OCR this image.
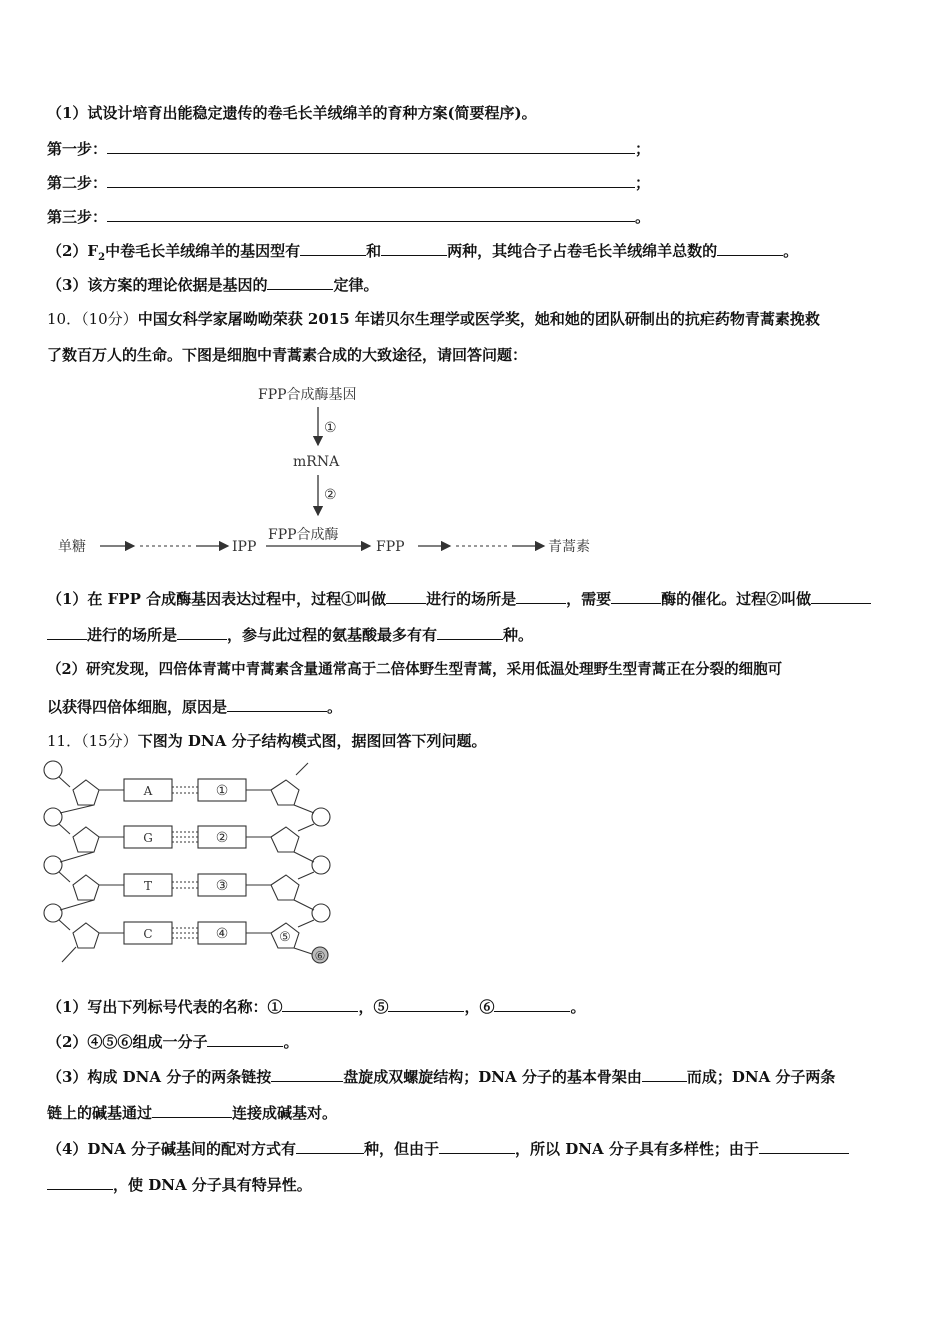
（1）试设计培育出能稳定遗传的卷毛长羊绒绵羊的育种方案(简要程序)。
第一步：	；
第二步：	；
第三步：	。
$(2)F_2$中卷毛长羊绒绵羊的基因型有	和	两种，其纯合子占卷毛长羊绒绵羊总数的	。
（3）该方案的理论依据是基因的	定律。
10．（10分）中国女科学家屠呦呦荣获 2015 年诺贝尔生理学或医学奖，她和她的团队研制出的抗疟药物青蒿素挽救
了数百万人的生命。下图是细胞中青蒿素合成的大致途径，请回答问题：
FPP合成酶基因
①
mRNA
②
FPP合成酶
单糖	IPP	FPP	青蒿素
（1）在 FPP 合成酶基因表达过程中，过程①叫做	进行的场所是	，需要	酶的催化。过程②叫做
进行的场所是	，参与此过程的氨基酸最多有有	种。
（2）研究发现，四倍体青蒿中青蒿素含量通常高于二倍体野生型青蒿，采用低温处理野生型青蒿正在分裂的细胞可
以获得四倍体细胞，原因是	。
11．（15分）下图为 DNA 分子结构模式图，据图回答下列问题。
A
G
T
C
①
②
③
④	⑤
⑥
（1）写出下列标号代表的名称：①	，⑤	，⑥	。
（2）④⑤⑥组成一分子	。
（3）构成 DNA 分子的两条链按	盘旋成双螺旋结构；DNA 分子的基本骨架由	而成；DNA 分子两条
链上的碱基通过	连接成碱基对。
（4）DNA 分子碱基间的配对方式有	种，但由于	，所以 DNA 分子具有多样性；由于
，使 DNA 分子具有特异性。
